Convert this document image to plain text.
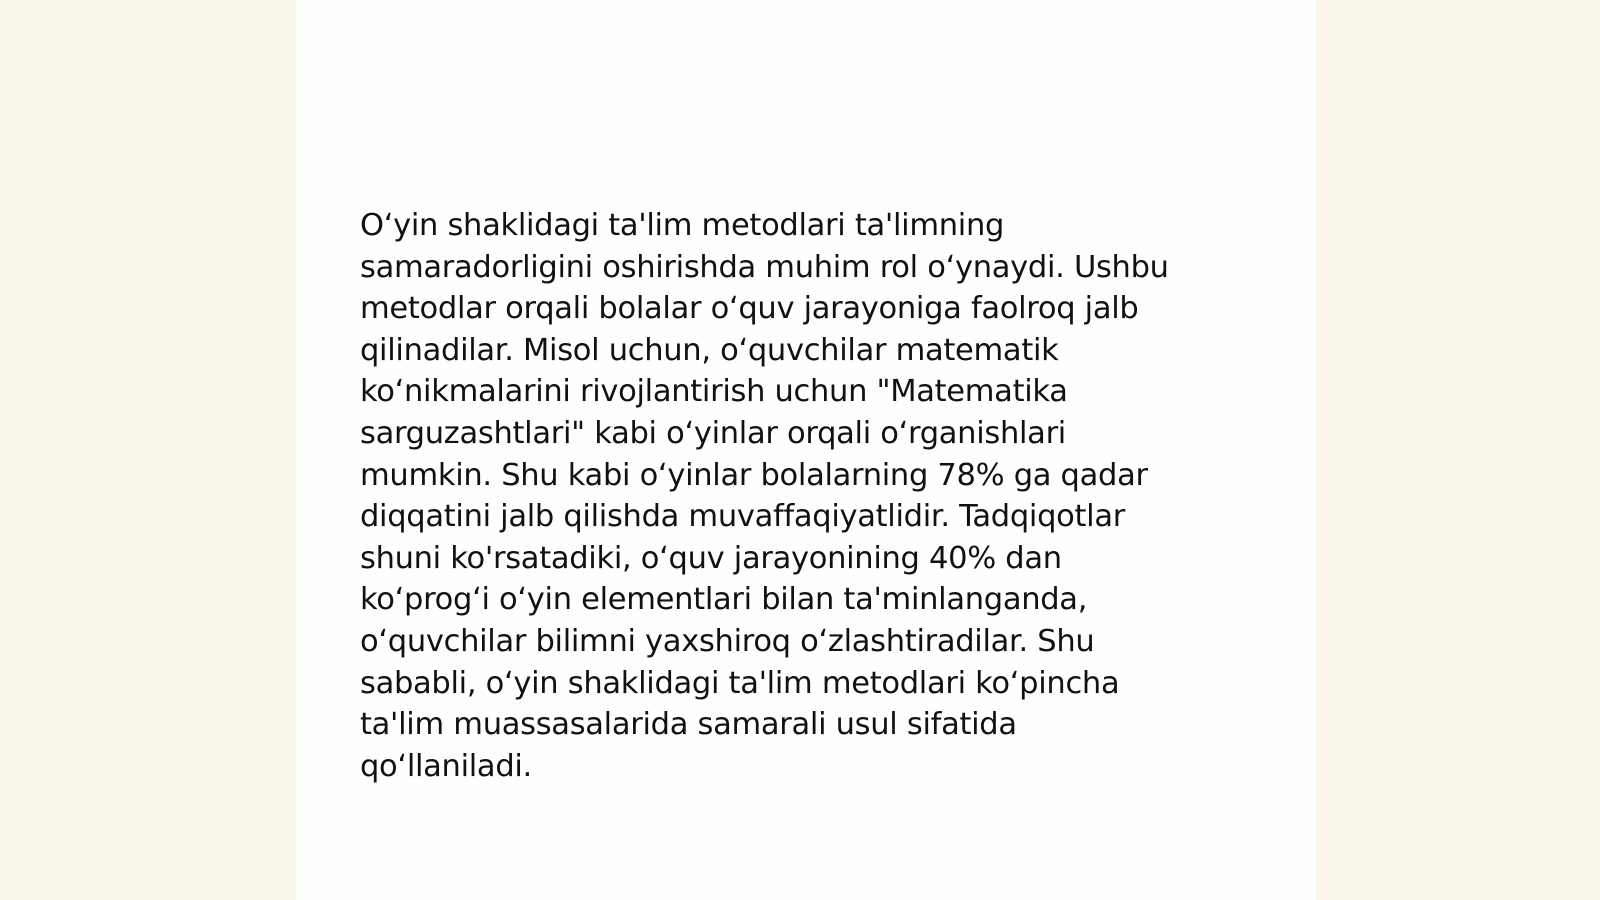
O‘yin shaklidagi ta'lim metodlari ta'limning
samaradorligini oshirishda muhim rol o‘ynaydi. Ushbu
metodlar orqali bolalar o‘quv jarayoniga faolroq jalb
qilinadilar. Misol uchun, o‘quvchilar matematik
ko‘nikmalarini rivojlantirish uchun "Matematika
sarguzashtlari" kabi o‘yinlar orqali o‘rganishlari
mumkin. Shu kabi o‘yinlar bolalarning 78% ga qadar
diqqatini jalb qilishda muvaffaqiyatlidir. Tadqiqotlar
shuni ko'rsatadiki, o‘quv jarayonining 40% dan
ko‘prog‘i o‘yin elementlari bilan ta'minlanganda,
o‘quvchilar bilimni yaxshiroq o‘zlashtiradilar. Shu
sababli, o‘yin shaklidagi ta'lim metodlari ko‘pincha
ta'lim muassasalarida samarali usul sifatida
qo‘llaniladi.
